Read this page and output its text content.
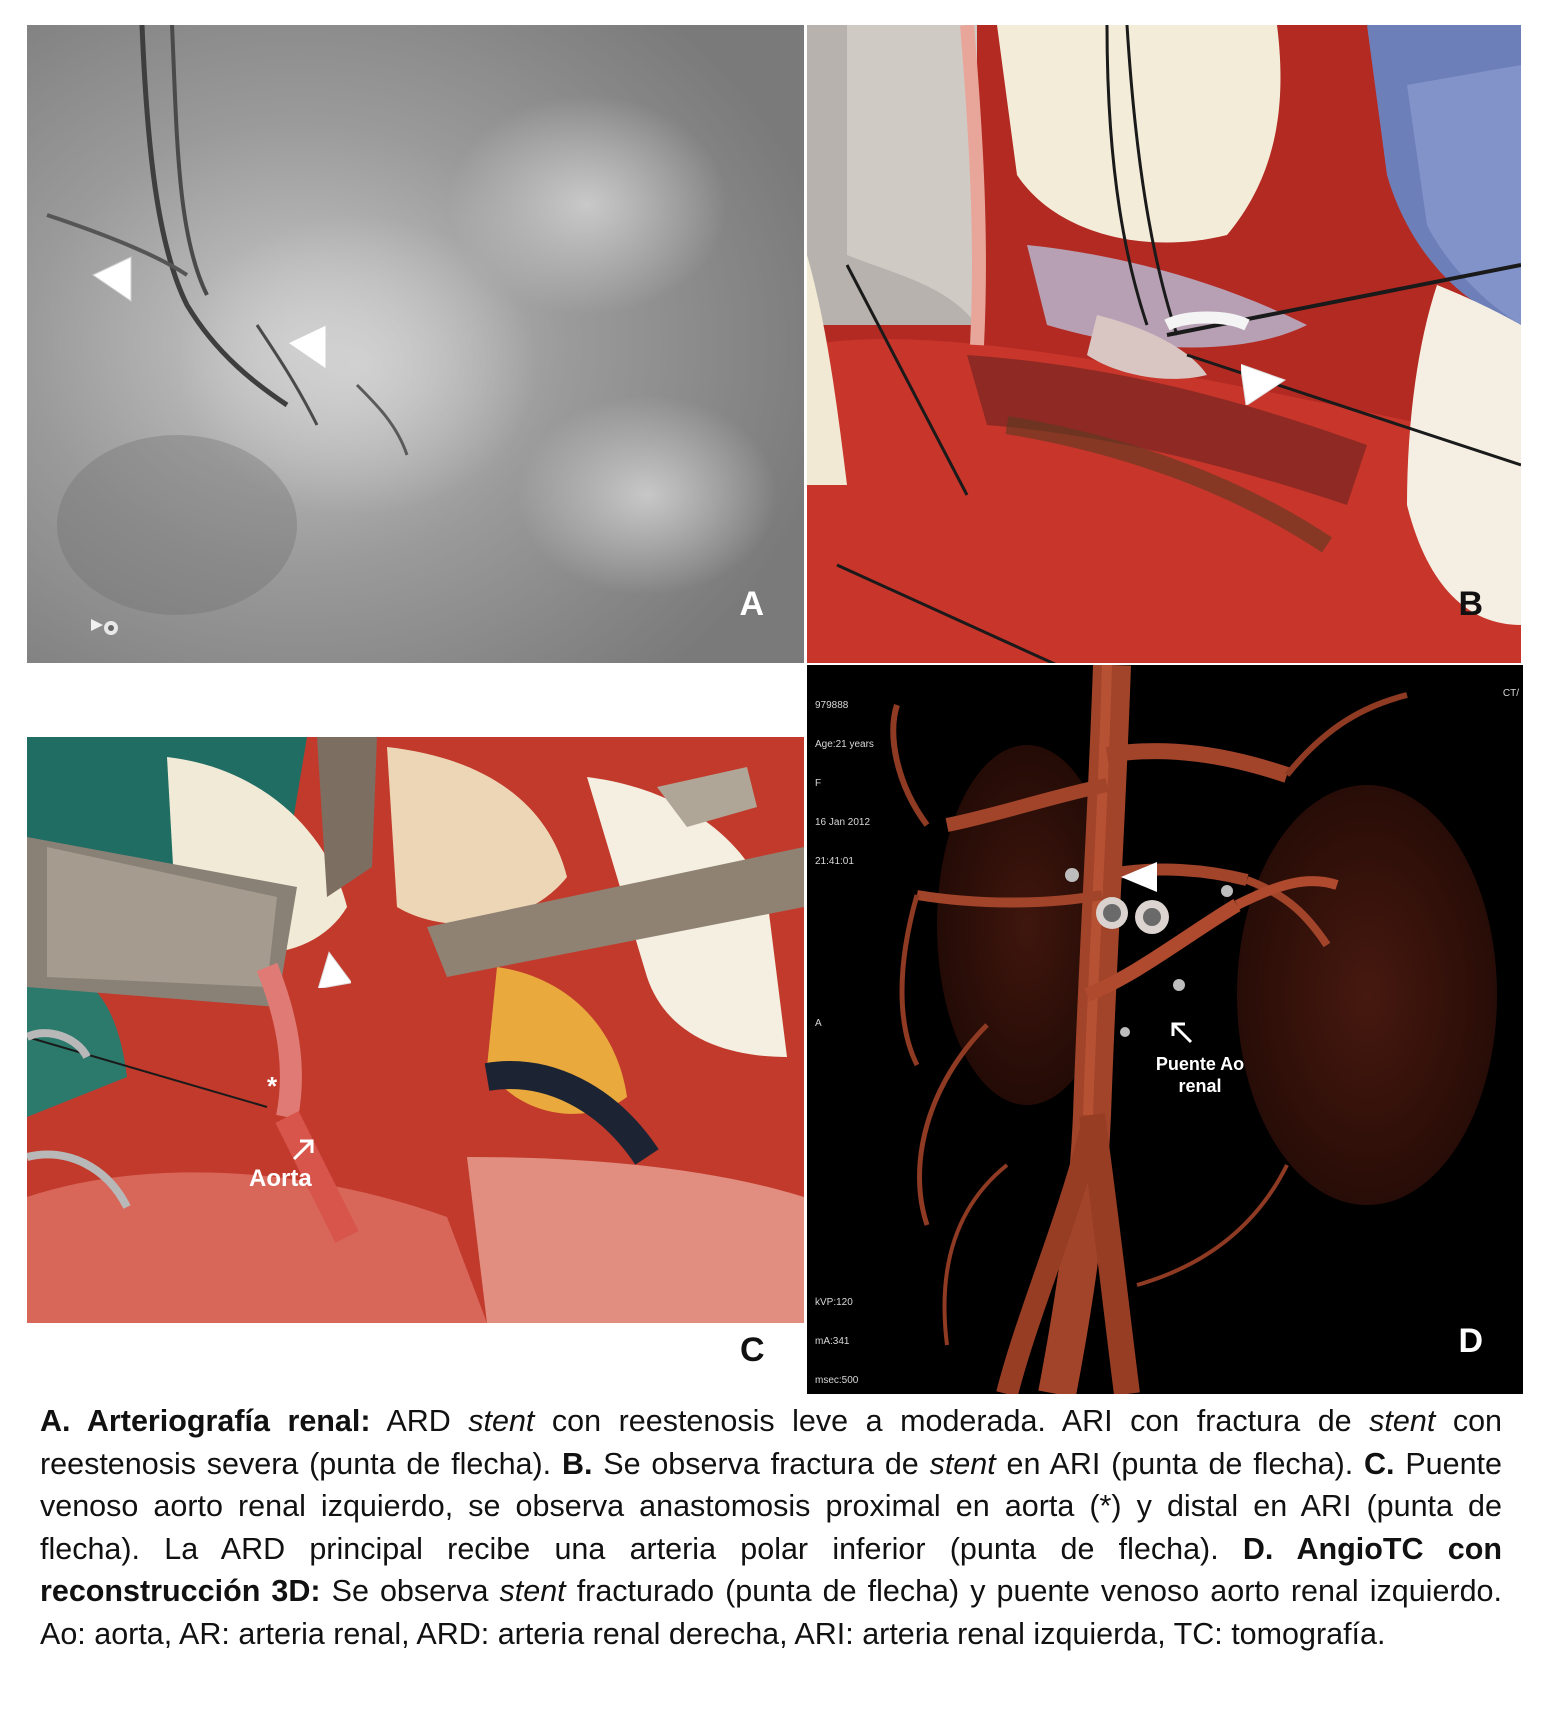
A	B
*
Aorta
C

979888

Age:21 years

F

16 Jan 2012

21:41:01

CT/
A

kVP:120

mA:341

msec:500

Puente Ao
renal
D
A. Arteriografía renal: ARD stent con reestenosis leve a moderada. ARI con fractura de stent con reestenosis severa (punta de flecha). B. Se observa fractura de stent en ARI (punta de flecha). C. Puente venoso aorto renal izquierdo, se observa anastomosis proximal en aorta (*) y distal en ARI (punta de flecha). La ARD principal recibe una arteria polar inferior (punta de flecha). D. AngioTC con reconstrucción 3D: Se observa stent fracturado (punta de flecha) y puente venoso aorto renal izquierdo. Ao: aorta, AR: arteria renal, ARD: arteria renal derecha, ARI: arteria renal izquierda, TC: tomografía.
